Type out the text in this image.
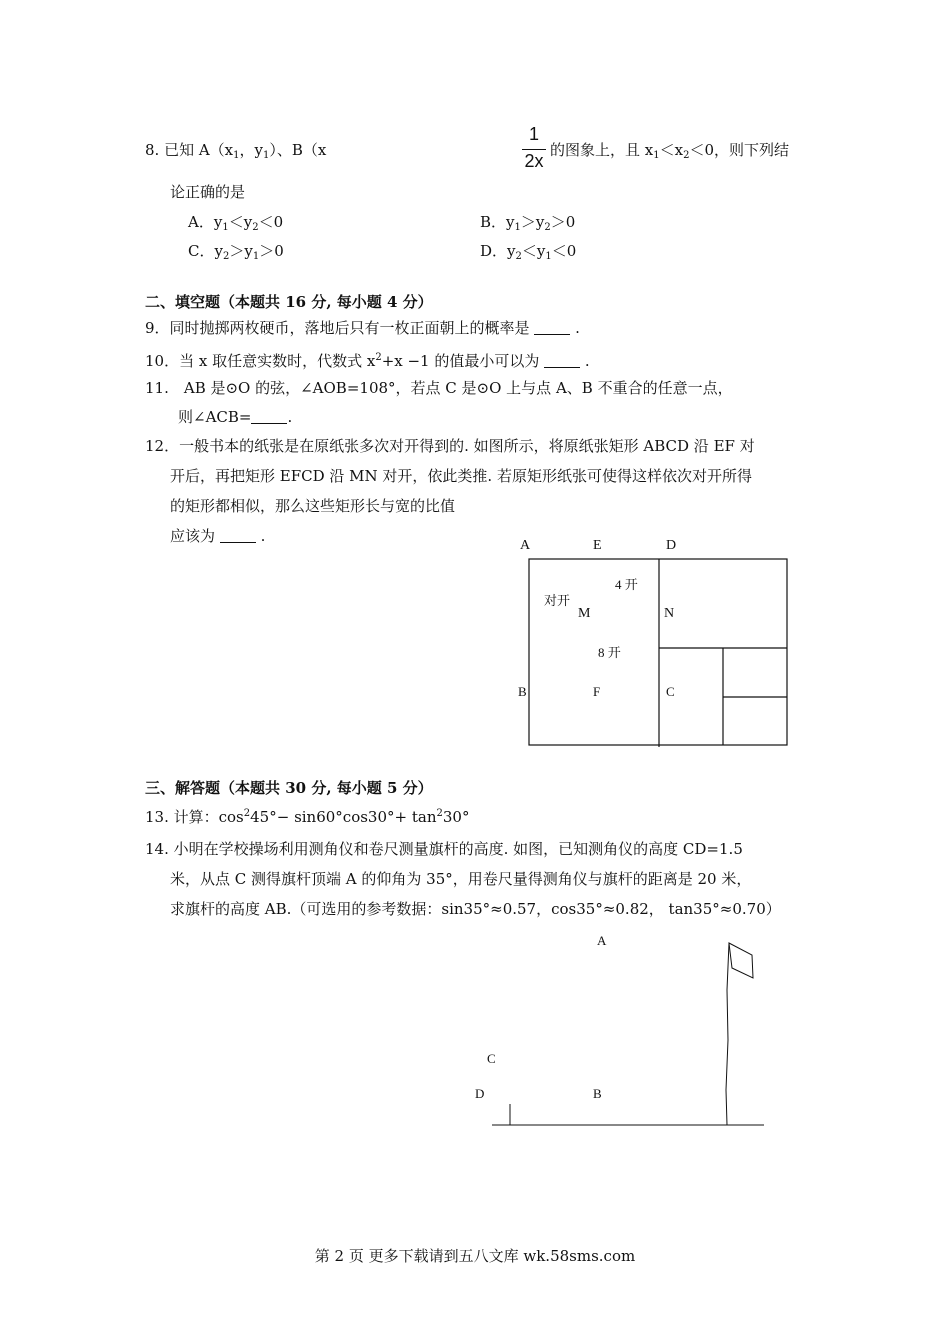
8. 已知 $A(x_1$，$y_1$）、B（x
1
2x
的图象上，且 $x_1<x_2<0$，则下列结
论正确的是
A．$y_1<y_2<0$	B．$y_1>y_2>0$
C．$y_2>y_1>0$	D．$y_2<y_1<0$
二、填空题（本题共 16 分, 每小题 4 分）
9．同时抛掷两枚硬币，落地后只有一枚正面朝上的概率是	.
10．当 x 取任意实数时，代数式 $x^2+x -1$ 的值最小可以为	.
11.　AB 是⊙O 的弦，∠AOB=108°，若点 C 是⊙O 上与点 A、B 不重合的任意一点，
则∠ACB= .
12．一般书本的纸张是在原纸张多次对开得到的. 如图所示，将原纸张矩形 ABCD 沿 EF 对
开后，再把矩形 EFCD 沿 MN 对开，依此类推. 若原矩形纸张可使得这样依次对开所得
的矩形都相似，那么这些矩形长与宽的比值
应该为	.
A	E	D
4 开
对开
M	N
8 开
B	F	C
三、解答题（本题共 30 分, 每小题 5 分）
13. 计算：$\cos^245^\circ- \sin 60^\circ\cos 30^\circ+ \tan^230^\circ$
14. 小明在学校操场利用测角仪和卷尺测量旗杆的高度. 如图，已知测角仪的高度 CD=1.5
米，从点 C 测得旗杆顶端 A 的仰角为 35°，用卷尺量得测角仪与旗杆的距离是 20 米，
求旗杆的高度 AB.（可选用的参考数据：sin35°≈0.57，cos35°≈0.82， tan35°≈0.70）
A
C
D	B
第 2 页 更多下载请到五八文库 wk.58sms.com
